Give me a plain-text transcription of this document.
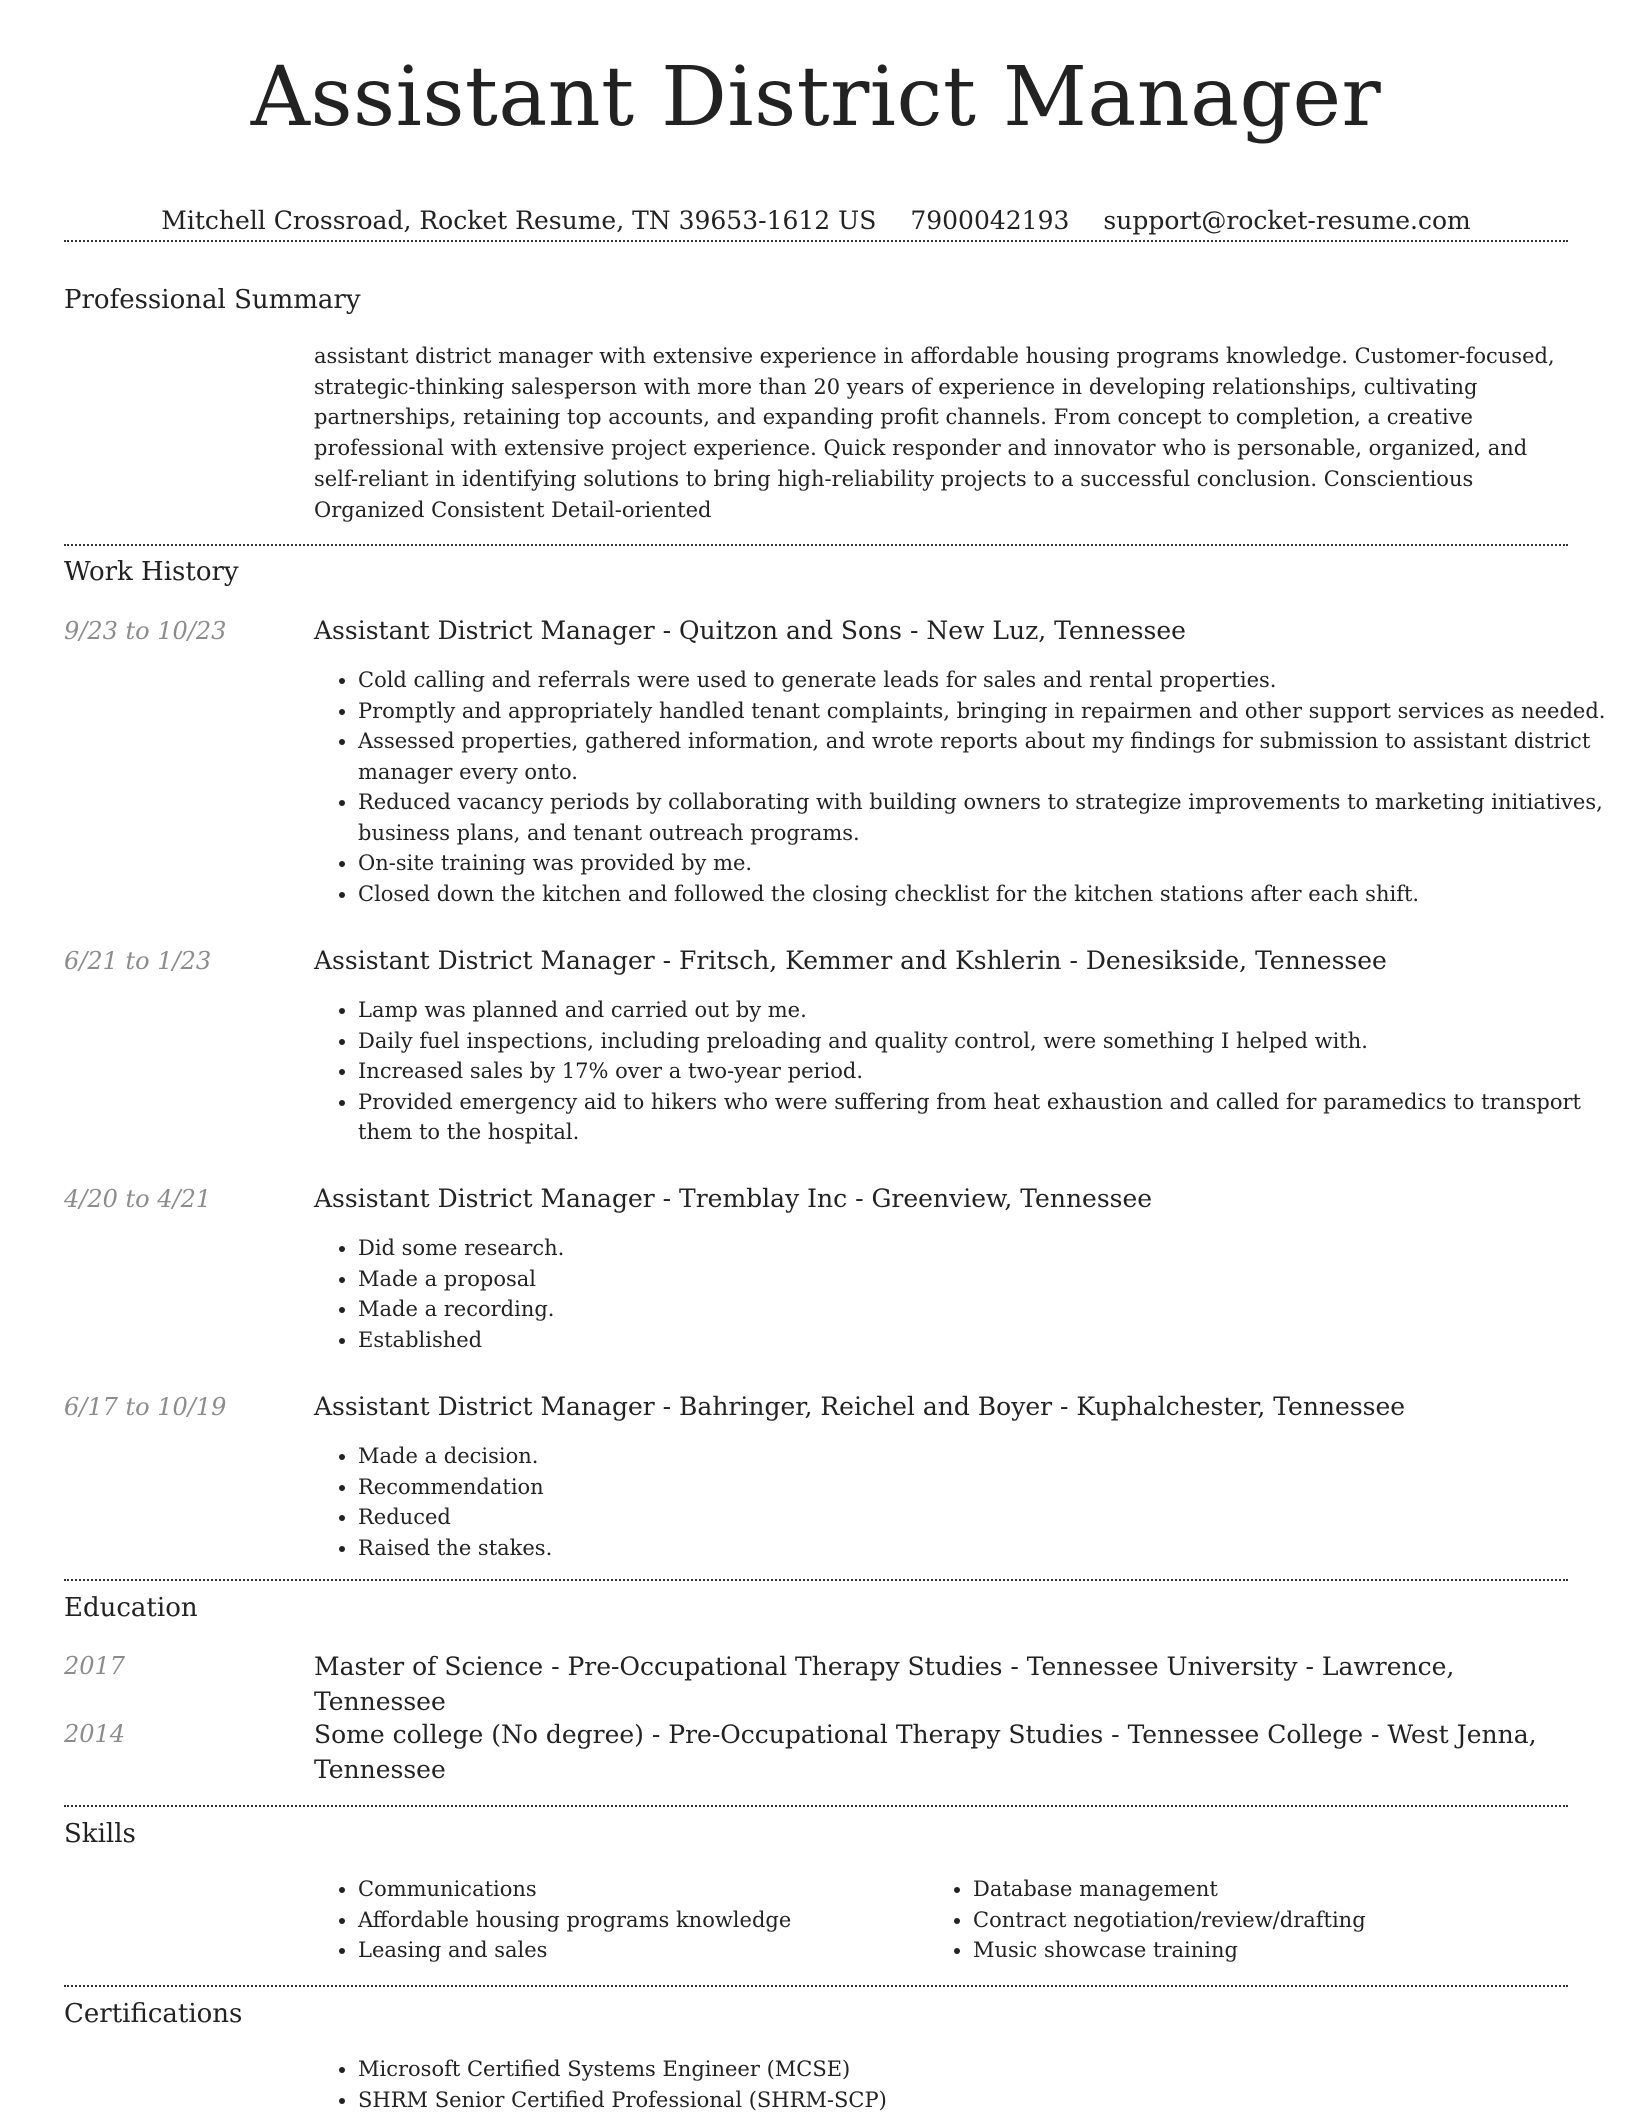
Assistant District Manager
Mitchell Crossroad, Rocket Resume, TN 39653-1612 US 7900042193 support@rocket-resume.com
Professional Summary
assistant district manager with extensive experience in affordable housing programs knowledge. Customer-focused, strategic-thinking salesperson with more than 20 years of experience in developing relationships, cultivating partnerships, retaining top accounts, and expanding profit channels. From concept to completion, a creative professional with extensive project experience. Quick responder and innovator who is personable, organized, and self-reliant in identifying solutions to bring high-reliability projects to a successful conclusion. Conscientious Organized Consistent Detail-oriented
Work History
9/23 to 10/23	Assistant District Manager - Quitzon and Sons - New Luz, Tennessee
• Cold calling and referrals were used to generate leads for sales and rental properties.
• Promptly and appropriately handled tenant complaints, bringing in repairmen and other support services as needed.
• Assessed properties, gathered information, and wrote reports about my findings for submission to assistant district manager every onto.
• Reduced vacancy periods by collaborating with building owners to strategize improvements to marketing initiatives, business plans, and tenant outreach programs.
• On-site training was provided by me.
• Closed down the kitchen and followed the closing checklist for the kitchen stations after each shift.
6/21 to 1/23	Assistant District Manager - Fritsch, Kemmer and Kshlerin - Denesikside, Tennessee
• Lamp was planned and carried out by me.
• Daily fuel inspections, including preloading and quality control, were something I helped with.
• Increased sales by 17% over a two-year period.
• Provided emergency aid to hikers who were suffering from heat exhaustion and called for paramedics to transport them to the hospital.
4/20 to 4/21	Assistant District Manager - Tremblay Inc - Greenview, Tennessee
• Did some research.
• Made a proposal
• Made a recording.
• Established
6/17 to 10/19	Assistant District Manager - Bahringer, Reichel and Boyer - Kuphalchester, Tennessee
• Made a decision.
• Recommendation
• Reduced
• Raised the stakes.
Education
2017	Master of Science - Pre-Occupational Therapy Studies - Tennessee University - Lawrence, Tennessee
2014	Some college (No degree) - Pre-Occupational Therapy Studies - Tennessee College - West Jenna, Tennessee
Skills
• Communications
• Affordable housing programs knowledge
• Leasing and sales
• Database management
• Contract negotiation/review/drafting
• Music showcase training
Certifications
• Microsoft Certified Systems Engineer (MCSE)
• SHRM Senior Certified Professional (SHRM-SCP)
